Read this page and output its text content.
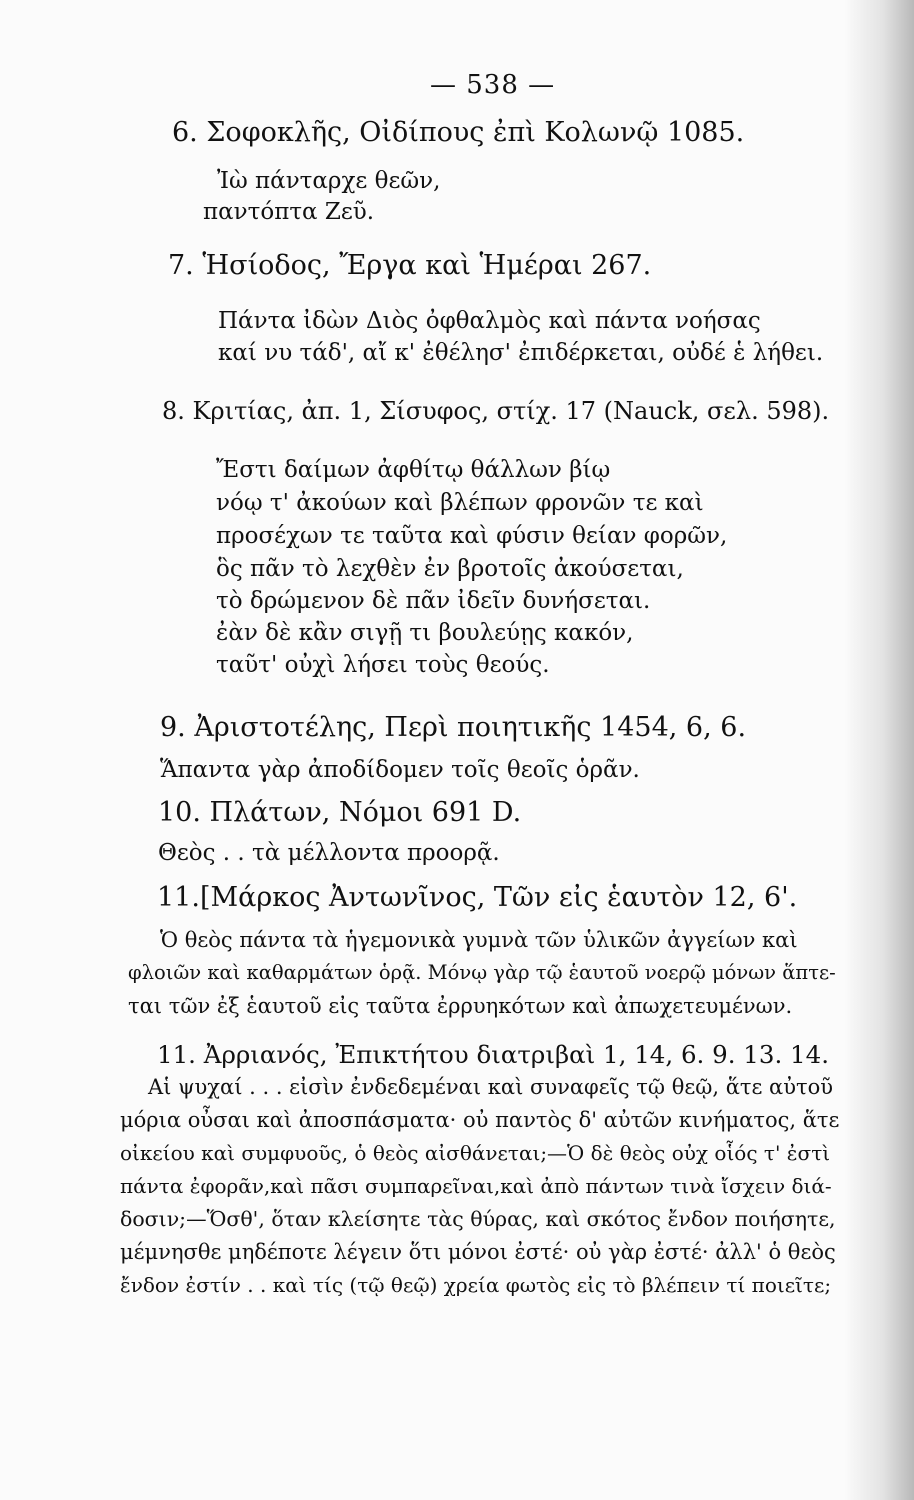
— 538 —
6. Σοφοκλῆς, Οἰδίπους ἐπὶ Κολωνῷ 1085.
Ἰὼ πάνταρχε θεῶν,
παντόπτα Ζεῦ.
7. Ἡσίοδος, Ἔργα καὶ Ἡμέραι 267.
Πάντα ἰδὼν Διὸς ὀφθαλμὸς καὶ πάντα νοήσας
καί νυ τάδ', αἴ κ' ἐθέλησ' ἐπιδέρκεται, οὐδέ ἑ λήθει.
8. Κριτίας, ἀπ. 1, Σίσυφος, στίχ. 17 (Nauck, σελ. 598).
Ἔστι δαίμων ἀφθίτῳ θάλλων βίῳ
νόῳ τ' ἀκούων καὶ βλέπων φρονῶν τε καὶ
προσέχων τε ταῦτα καὶ φύσιν θείαν φορῶν,
ὃς πᾶν τὸ λεχθὲν ἐν βροτοῖς ἀκούσεται,
τὸ δρώμενον δὲ πᾶν ἰδεῖν δυνήσεται.
ἐὰν δὲ κἂν σιγῇ τι βουλεύῃς κακόν,
ταῦτ' οὐχὶ λήσει τοὺς θεούς.
9. Ἀριστοτέλης, Περὶ ποιητικῆς 1454, 6, 6.
Ἅπαντα γὰρ ἀποδίδομεν τοῖς θεοῖς ὁρᾶν.
10. Πλάτων, Νόμοι 691 D.
Θεὸς . . τὰ μέλλοντα προορᾷ.
11.[Μάρκος Ἀντωνῖνος, Τῶν εἰς ἑαυτὸν 12, 6'.
Ὁ θεὸς πάντα τὰ ἡγεμονικὰ γυμνὰ τῶν ὑλικῶν ἀγγείων καὶ
φλοιῶν καὶ καθαρμάτων ὁρᾷ. Μόνῳ γὰρ τῷ ἑαυτοῦ νοερῷ μόνων ἅπτε-
ται τῶν ἐξ ἑαυτοῦ εἰς ταῦτα ἐρρυηκότων καὶ ἀπωχετευμένων.
11. Ἀρριανός, Ἐπικτήτου διατριβαὶ 1, 14, 6. 9. 13. 14.
Αἱ ψυχαί . . . εἰσὶν ἐνδεδεμέναι καὶ συναφεῖς τῷ θεῷ, ἅτε αὐτοῦ
μόρια οὖσαι καὶ ἀποσπάσματα· οὐ παντὸς δ' αὐτῶν κινήματος, ἅτε
οἰκείου καὶ συμφυοῦς, ὁ θεὸς αἰσθάνεται;—Ὁ δὲ θεὸς οὐχ οἷός τ' ἐστὶ
πάντα ἐφορᾶν,καὶ πᾶσι συμπαρεῖναι,καὶ ἀπὸ πάντων τινὰ ἴσχειν διά-
δοσιν;—Ὅσθ', ὅταν κλείσητε τὰς θύρας, καὶ σκότος ἔνδον ποιήσητε,
μέμνησθε μηδέποτε λέγειν ὅτι μόνοι ἐστέ· οὐ γὰρ ἐστέ· ἀλλ' ὁ θεὸς
ἔνδον ἐστίν . . καὶ τίς (τῷ θεῷ) χρεία φωτὸς εἰς τὸ βλέπειν τί ποιεῖτε;
